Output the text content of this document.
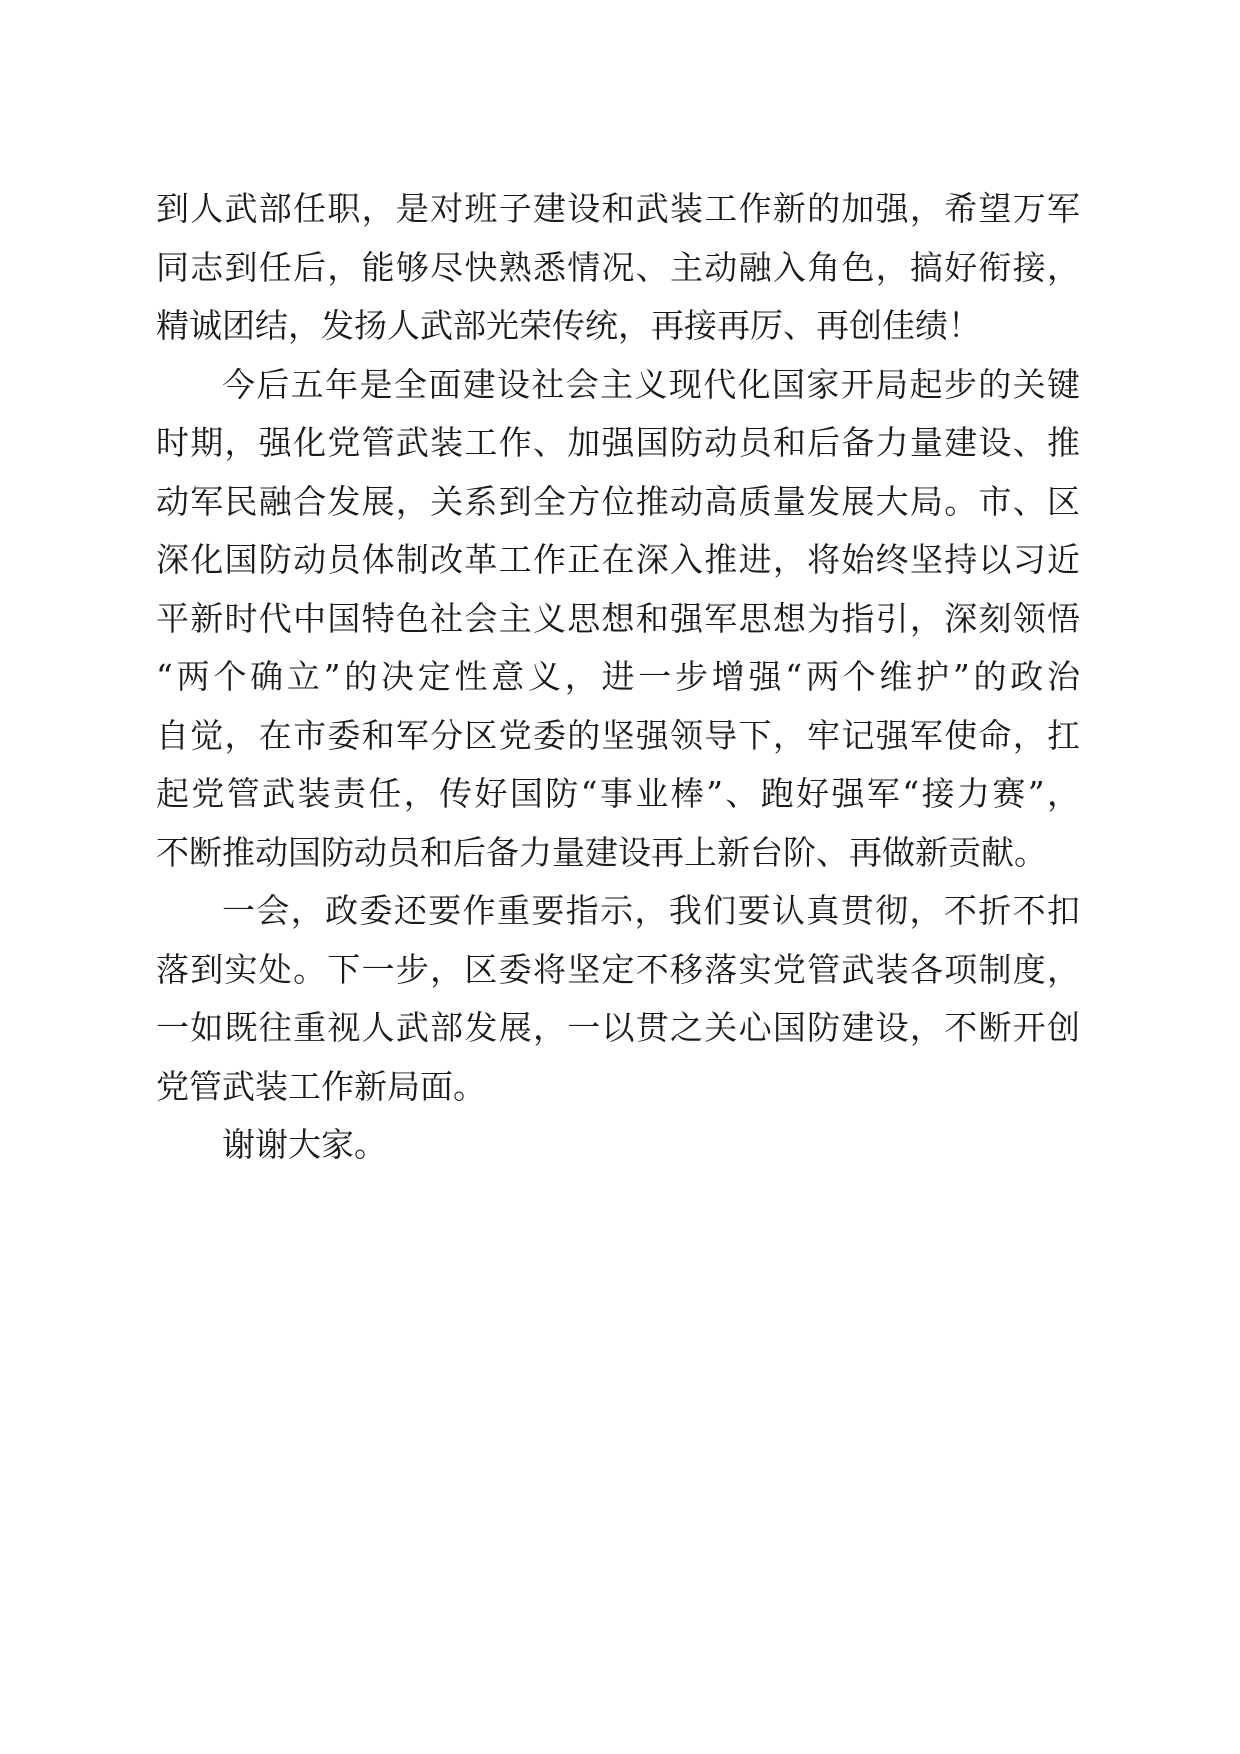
到人武部任职，是对班子建设和武装工作新的加强，希望万军
同志到任后，能够尽快熟悉情况、主动融入角色，搞好衔接，
精诚团结，发扬人武部光荣传统，再接再厉、再创佳绩！
今后五年是全面建设社会主义现代化国家开局起步的关键
时期，强化党管武装工作、加强国防动员和后备力量建设、推
动军民融合发展，关系到全方位推动高质量发展大局。市、区
深化国防动员体制改革工作正在深入推进，将始终坚持以习近
平新时代中国特色社会主义思想和强军思想为指引，深刻领悟
“两个确立”的决定性意义，进一步增强“两个维护”的政治
自觉，在市委和军分区党委的坚强领导下，牢记强军使命，扛
起党管武装责任，传好国防“事业棒”、跑好强军“接力赛”，
不断推动国防动员和后备力量建设再上新台阶、再做新贡献。
一会，政委还要作重要指示，我们要认真贯彻，不折不扣
落到实处。下一步，区委将坚定不移落实党管武装各项制度，
一如既往重视人武部发展，一以贯之关心国防建设，不断开创
党管武装工作新局面。
谢谢大家。
